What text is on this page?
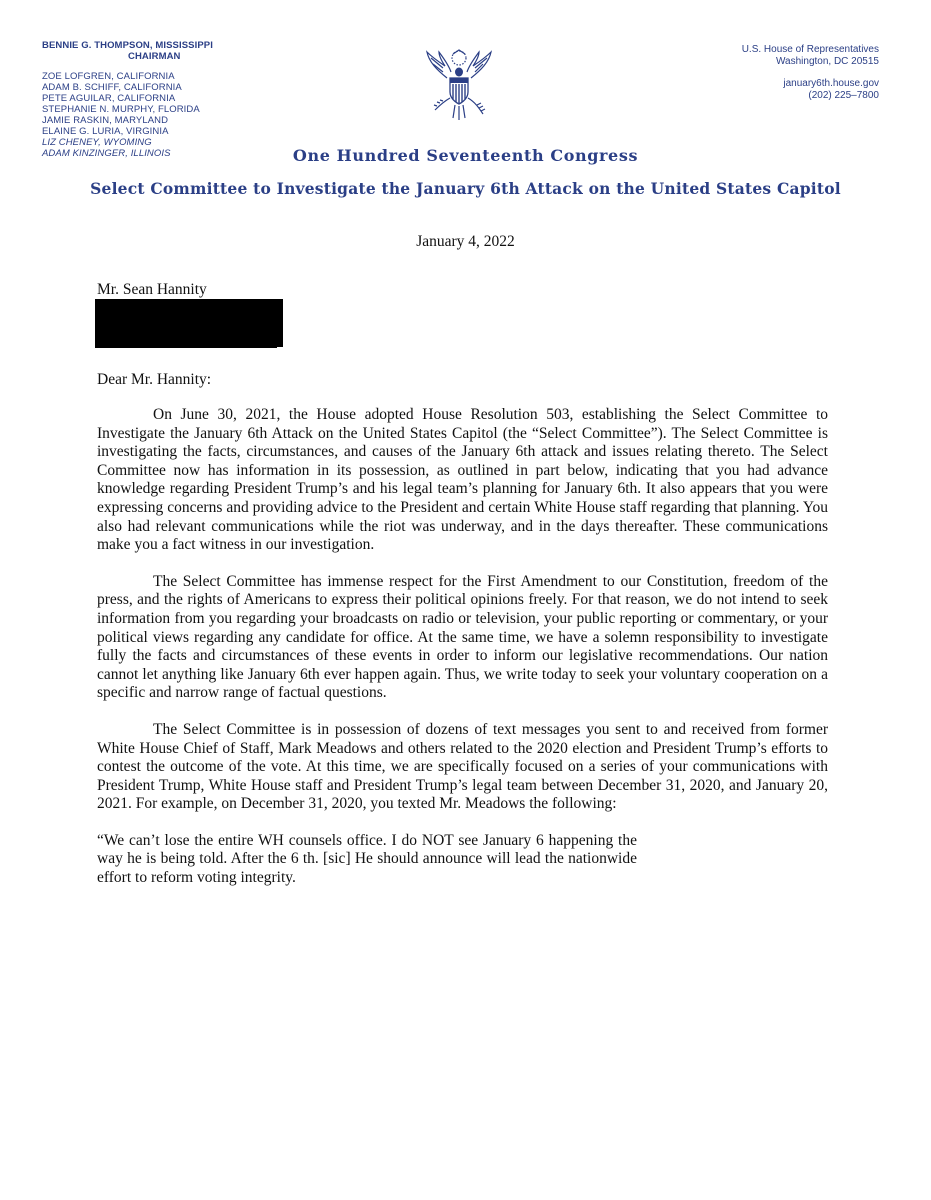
BENNIE G. THOMPSON, MISSISSIPPI
CHAIRMAN
ZOE LOFGREN, CALIFORNIA
ADAM B. SCHIFF, CALIFORNIA
PETE AGUILAR, CALIFORNIA
STEPHANIE N. MURPHY, FLORIDA
JAMIE RASKIN, MARYLAND
ELAINE G. LURIA, VIRGINIA
LIZ CHENEY, WYOMING
ADAM KINZINGER, ILLINOIS
U.S. House of Representatives
Washington, DC 20515
january6th.house.gov
(202) 225–7800
One Hundred Seventeenth Congress
Select Committee to Investigate the January 6th Attack on the United States Capitol
January 4, 2022
Mr. Sean Hannity
Dear Mr. Hannity:

On June 30, 2021, the House adopted House Resolution 503, establishing the Select Committee to Investigate the January 6th Attack on the United States Capitol (the “Select Committee”). The Select Committee is investigating the facts, circumstances, and causes of the January 6th attack and issues relating thereto. The Select Committee now has information in its possession, as outlined in part below, indicating that you had advance knowledge regarding President Trump’s and his legal team’s planning for January 6th. It also appears that you were expressing concerns and providing advice to the President and certain White House staff regarding that planning. You also had relevant communications while the riot was underway, and in the days thereafter. These communications make you a fact witness in our investigation.

The Select Committee has immense respect for the First Amendment to our Constitution, freedom of the press, and the rights of Americans to express their political opinions freely. For that reason, we do not intend to seek information from you regarding your broadcasts on radio or television, your public reporting or commentary, or your political views regarding any candidate for office. At the same time, we have a solemn responsibility to investigate fully the facts and circumstances of these events in order to inform our legislative recommendations. Our nation cannot let anything like January 6th ever happen again. Thus, we write today to seek your voluntary cooperation on a specific and narrow range of factual questions.

The Select Committee is in possession of dozens of text messages you sent to and received from former White House Chief of Staff, Mark Meadows and others related to the 2020 election and President Trump’s efforts to contest the outcome of the vote. At this time, we are specifically focused on a series of your communications with President Trump, White House staff and President Trump’s legal team between December 31, 2020, and January 20, 2021. For example, on December 31, 2020, you texted Mr. Meadows the following:

“We can’t lose the entire WH counsels office. I do NOT see January 6 happening the way he is being told. After the 6 th. [sic] He should announce will lead the nationwide effort to reform voting integrity.
